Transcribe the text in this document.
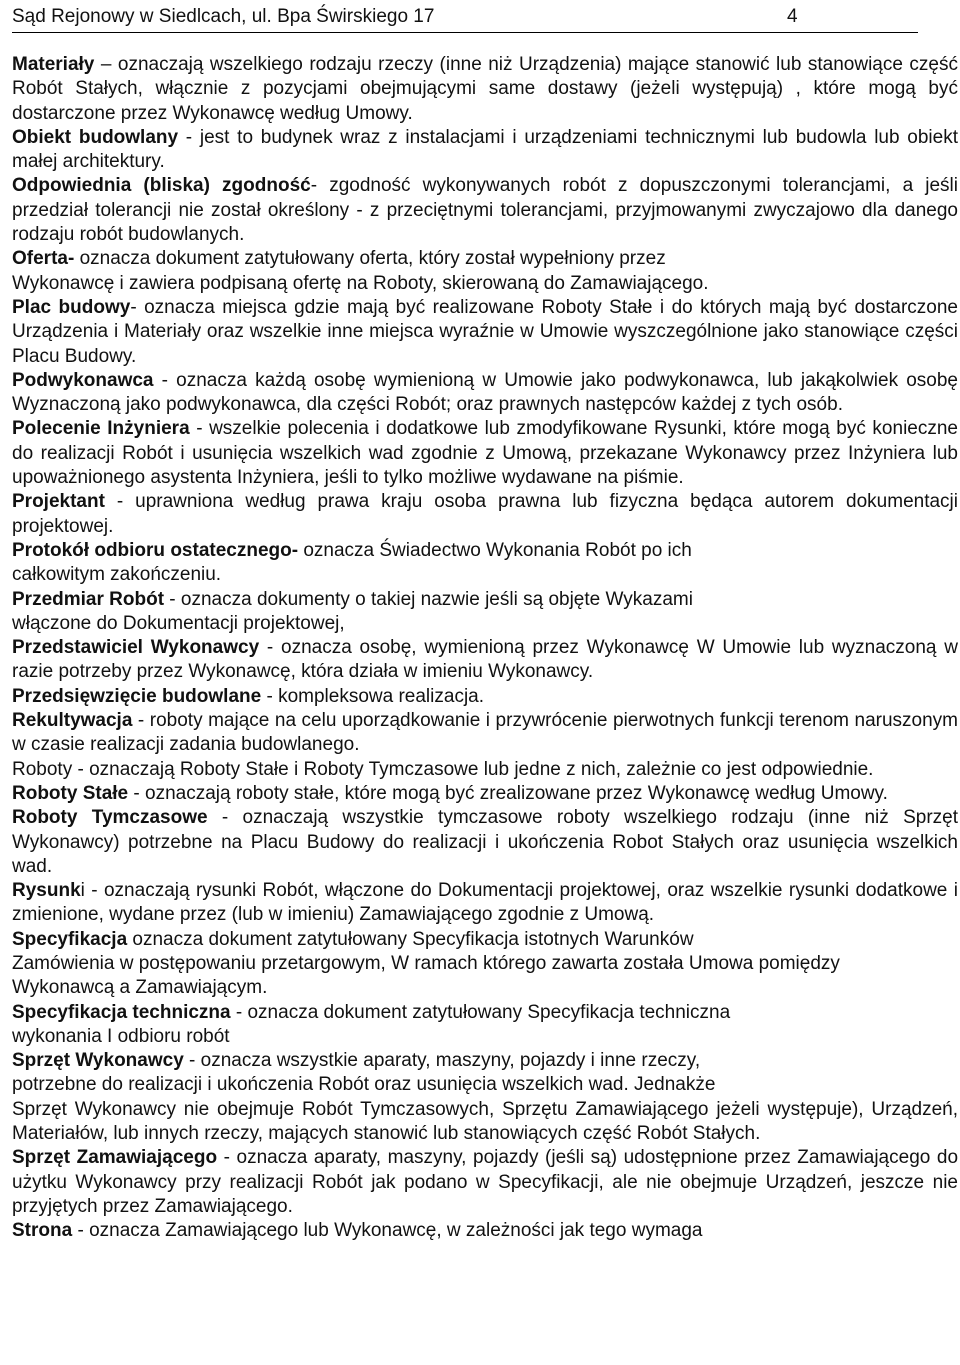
Sąd Rejonowy w Siedlcach, ul. Bpa Świrskiego 17	4

Materiały – oznaczają wszelkiego rodzaju rzeczy (inne niż Urządzenia) mające stanowić lub stanowiące część Robót Stałych, włącznie z pozycjami obejmującymi same dostawy (jeżeli występują) , które mogą być dostarczone przez Wykonawcę według Umowy.

Obiekt budowlany - jest to budynek wraz z instalacjami i urządzeniami technicznymi lub budowla lub obiekt małej architektury.

Odpowiednia (bliska) zgodność- zgodność wykonywanych robót z dopuszczonymi tolerancjami, a jeśli przedział tolerancji nie został określony - z przeciętnymi tolerancjami, przyjmowanymi zwyczajowo dla danego rodzaju robót budowlanych.

Oferta- oznacza dokument zatytułowany oferta, który został wypełniony przez
Wykonawcę i zawiera podpisaną ofertę na Roboty, skierowaną do Zamawiającego.

Plac budowy- oznacza miejsca gdzie mają być realizowane Roboty Stałe i do których mają być dostarczone Urządzenia i Materiały oraz wszelkie inne miejsca wyraźnie w Umowie wyszczególnione jako stanowiące części Placu Budowy.

Podwykonawca - oznacza każdą osobę wymienioną w Umowie jako podwykonawca, lub jakąkolwiek osobę Wyznaczoną jako podwykonawca, dla części Robót; oraz prawnych następców każdej z tych osób.

Polecenie Inżyniera - wszelkie polecenia i dodatkowe lub zmodyfikowane Rysunki, które mogą być konieczne do realizacji Robót i usunięcia wszelkich wad zgodnie z Umową, przekazane Wykonawcy przez Inżyniera lub upoważnionego asystenta Inżyniera, jeśli to tylko możliwe wydawane na piśmie.

Projektant - uprawniona według prawa kraju osoba prawna lub fizyczna będąca autorem dokumentacji projektowej.

Protokół odbioru ostatecznego- oznacza Świadectwo Wykonania Robót po ich
całkowitym zakończeniu.

Przedmiar Robót - oznacza dokumenty o takiej nazwie jeśli są objęte Wykazami
włączone do Dokumentacji projektowej,

Przedstawiciel Wykonawcy - oznacza osobę, wymienioną przez Wykonawcę W Umowie lub wyznaczoną w razie potrzeby przez Wykonawcę, która działa w imieniu Wykonawcy.

Przedsięwzięcie budowlane - kompleksowa realizacja.

Rekultywacja - roboty mające na celu uporządkowanie i przywrócenie pierwotnych funkcji terenom naruszonym w czasie realizacji zadania budowlanego.

Roboty - oznaczają Roboty Stałe i Roboty Tymczasowe lub jedne z nich, zależnie co jest odpowiednie.

Roboty Stałe - oznaczają roboty stałe, które mogą być zrealizowane przez Wykonawcę według Umowy.

Roboty Tymczasowe - oznaczają wszystkie tymczasowe roboty wszelkiego rodzaju (inne niż Sprzęt Wykonawcy) potrzebne na Placu Budowy do realizacji i ukończenia Robot Stałych oraz usunięcia wszelkich wad.

Rysunki - oznaczają rysunki Robót, włączone do Dokumentacji projektowej, oraz wszelkie rysunki dodatkowe i zmienione, wydane przez (lub w imieniu) Zamawiającego zgodnie z Umową.

Specyfikacja oznacza dokument zatytułowany Specyfikacja istotnych Warunków
Zamówienia w postępowaniu przetargowym, W ramach którego zawarta została Umowa pomiędzy
Wykonawcą a Zamawiającym.

Specyfikacja techniczna - oznacza dokument zatytułowany Specyfikacja techniczna
wykonania I odbioru robót

Sprzęt Wykonawcy - oznacza wszystkie aparaty, maszyny, pojazdy i inne rzeczy,
potrzebne do realizacji i ukończenia Robót oraz usunięcia wszelkich wad. Jednakże

Sprzęt Wykonawcy nie obejmuje Robót Tymczasowych, Sprzętu Zamawiającego jeżeli występuje), Urządzeń, Materiałów, lub innych rzeczy, mających stanowić lub stanowiących część Robót Stałych.

Sprzęt Zamawiającego - oznacza aparaty, maszyny, pojazdy (jeśli są) udostępnione przez Zamawiającego do użytku Wykonawcy przy realizacji Robót jak podano w Specyfikacji, ale nie obejmuje Urządzeń, jeszcze nie przyjętych przez Zamawiającego.

Strona - oznacza Zamawiającego lub Wykonawcę, w zależności jak tego wymaga
